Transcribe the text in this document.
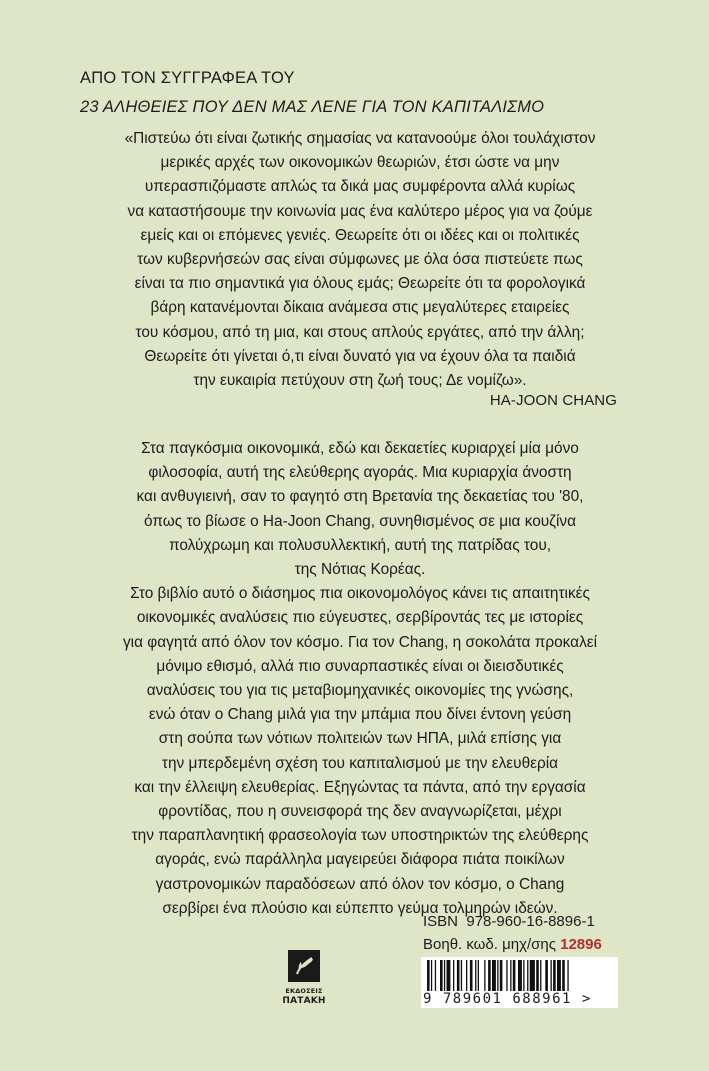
ΑΠΟ ΤΟΝ ΣΥΓΓΡΑΦΕΑ ΤΟΥ
23 ΑΛΗΘΕΙΕΣ ΠΟΥ ΔΕΝ ΜΑΣ ΛΕΝΕ ΓΙΑ ΤΟΝ ΚΑΠΙΤΑΛΙΣΜΟ
«Πιστεύω ότι είναι ζωτικής σημασίας να κατανοούμε όλοι τουλάχιστον
μερικές αρχές των οικονομικών θεωριών, έτσι ώστε να μην
υπερασπιζόμαστε απλώς τα δικά μας συμφέροντα αλλά κυρίως
να καταστήσουμε την κοινωνία μας ένα καλύτερο μέρος για να ζούμε
εμείς και οι επόμενες γενιές. Θεωρείτε ότι οι ιδέες και οι πολιτικές
των κυβερνήσεών σας είναι σύμφωνες με όλα όσα πιστεύετε πως
είναι τα πιο σημαντικά για όλους εμάς; Θεωρείτε ότι τα φορολογικά
βάρη κατανέμονται δίκαια ανάμεσα στις μεγαλύτερες εταιρείες
του κόσμου, από τη μια, και στους απλούς εργάτες, από την άλλη;
Θεωρείτε ότι γίνεται ό,τι είναι δυνατό για να έχουν όλα τα παιδιά
την ευκαιρία πετύχουν στη ζωή τους; Δε νομίζω».
HA-JOON CHANG
Στα παγκόσμια οικονομικά, εδώ και δεκαετίες κυριαρχεί μία μόνο
φιλοσοφία, αυτή της ελεύθερης αγοράς. Μια κυριαρχία άνοστη
και ανθυγιεινή, σαν το φαγητό στη Βρετανία της δεκαετίας του '80,
όπως το βίωσε ο Ha-Joon Chang, συνηθισμένος σε μια κουζίνα
πολύχρωμη και πολυσυλλεκτική, αυτή της πατρίδας του,
της Νότιας Κορέας.
Στο βιβλίο αυτό ο διάσημος πια οικονομολόγος κάνει τις απαιτητικές
οικονομικές αναλύσεις πιο εύγευστες, σερβίροντάς τες με ιστορίες
για φαγητά από όλον τον κόσμο. Για τον Chang, η σοκολάτα προκαλεί
μόνιμο εθισμό, αλλά πιο συναρπαστικές είναι οι διεισδυτικές
αναλύσεις του για τις μεταβιομηχανικές οικονομίες της γνώσης,
ενώ όταν ο Chang μιλά για την μπάμια που δίνει έντονη γεύση
στη σούπα των νότιων πολιτειών των ΗΠΑ, μιλά επίσης για
την μπερδεμένη σχέση του καπιταλισμού με την ελευθερία
και την έλλειψη ελευθερίας. Εξηγώντας τα πάντα, από την εργασία
φροντίδας, που η συνεισφορά της δεν αναγνωρίζεται, μέχρι
την παραπλανητική φρασεολογία των υποστηρικτών της ελεύθερης
αγοράς, ενώ παράλληλα μαγειρεύει διάφορα πιάτα ποικίλων
γαστρονομικών παραδόσεων από όλον τον κόσμο, ο Chang
σερβίρει ένα πλούσιο και εύπεπτο γεύμα τολμηρών ιδεών.
ΕΚΔΟΣΕΙΣ
ΠΑΤΑΚΗ
ISBN 978-960-16-8896-1
Βοηθ. κωδ. μηχ/σης 12896
9 789601 688961 >
